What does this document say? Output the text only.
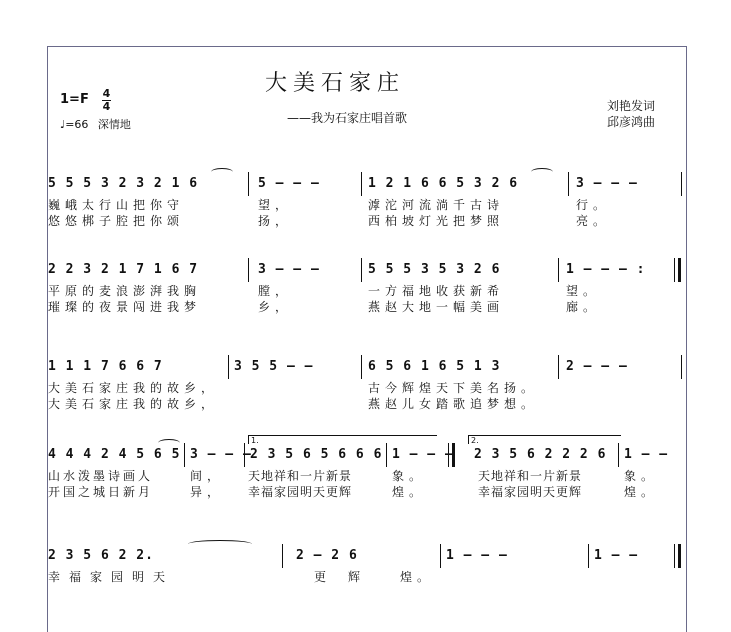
大美石家庄
——我为石家庄唱首歌
刘艳发词
邱彦鸿曲
1=F 4
4
♩=66 深情地
5 5 5 3 2 3 2 1 6	5 – – –	1 2 1 6 6 5 3 2 6	3 – – –
巍峨太行山把你守	望，	滹沱河流淌千古诗	行。
悠悠梆子腔把你颂	扬，	西柏坡灯光把梦照	亮。
2 2 3 2 1 7 1 6 7	3 – – –	5 5 5 3 5 3 2 6	1 – – – :
平原的麦浪澎湃我胸	膛，	一方福地收获新希	望。
璀璨的夜景闯进我梦	乡，	燕赵大地一幅美画	廊。
1 1 1 7 6 6 7	3 5 5 – –	6 5 6 1 6 5 1 3	2 – – –
大美石家庄我的故乡，	古今辉煌天下美名扬。
大美石家庄我的故乡，	燕赵儿女踏歌追梦想。
4 4 4 2 4 5 6 5 3 – – –
1.
2 3 5 6 5 6 6 6 1 – – –
2.
2 3 5 6 2 2 2 6 1 – –
山水泼墨诗画人	间， 天地祥和一片新景	象。	天地祥和一片新景	象。
开国之城日新月	异， 幸福家园明天更辉	煌。	幸福家园明天更辉	煌。
2 3 5 6 2 2.	2 – 2 6	1 – – –	1 – –
幸福家园明天	更辉 煌。
